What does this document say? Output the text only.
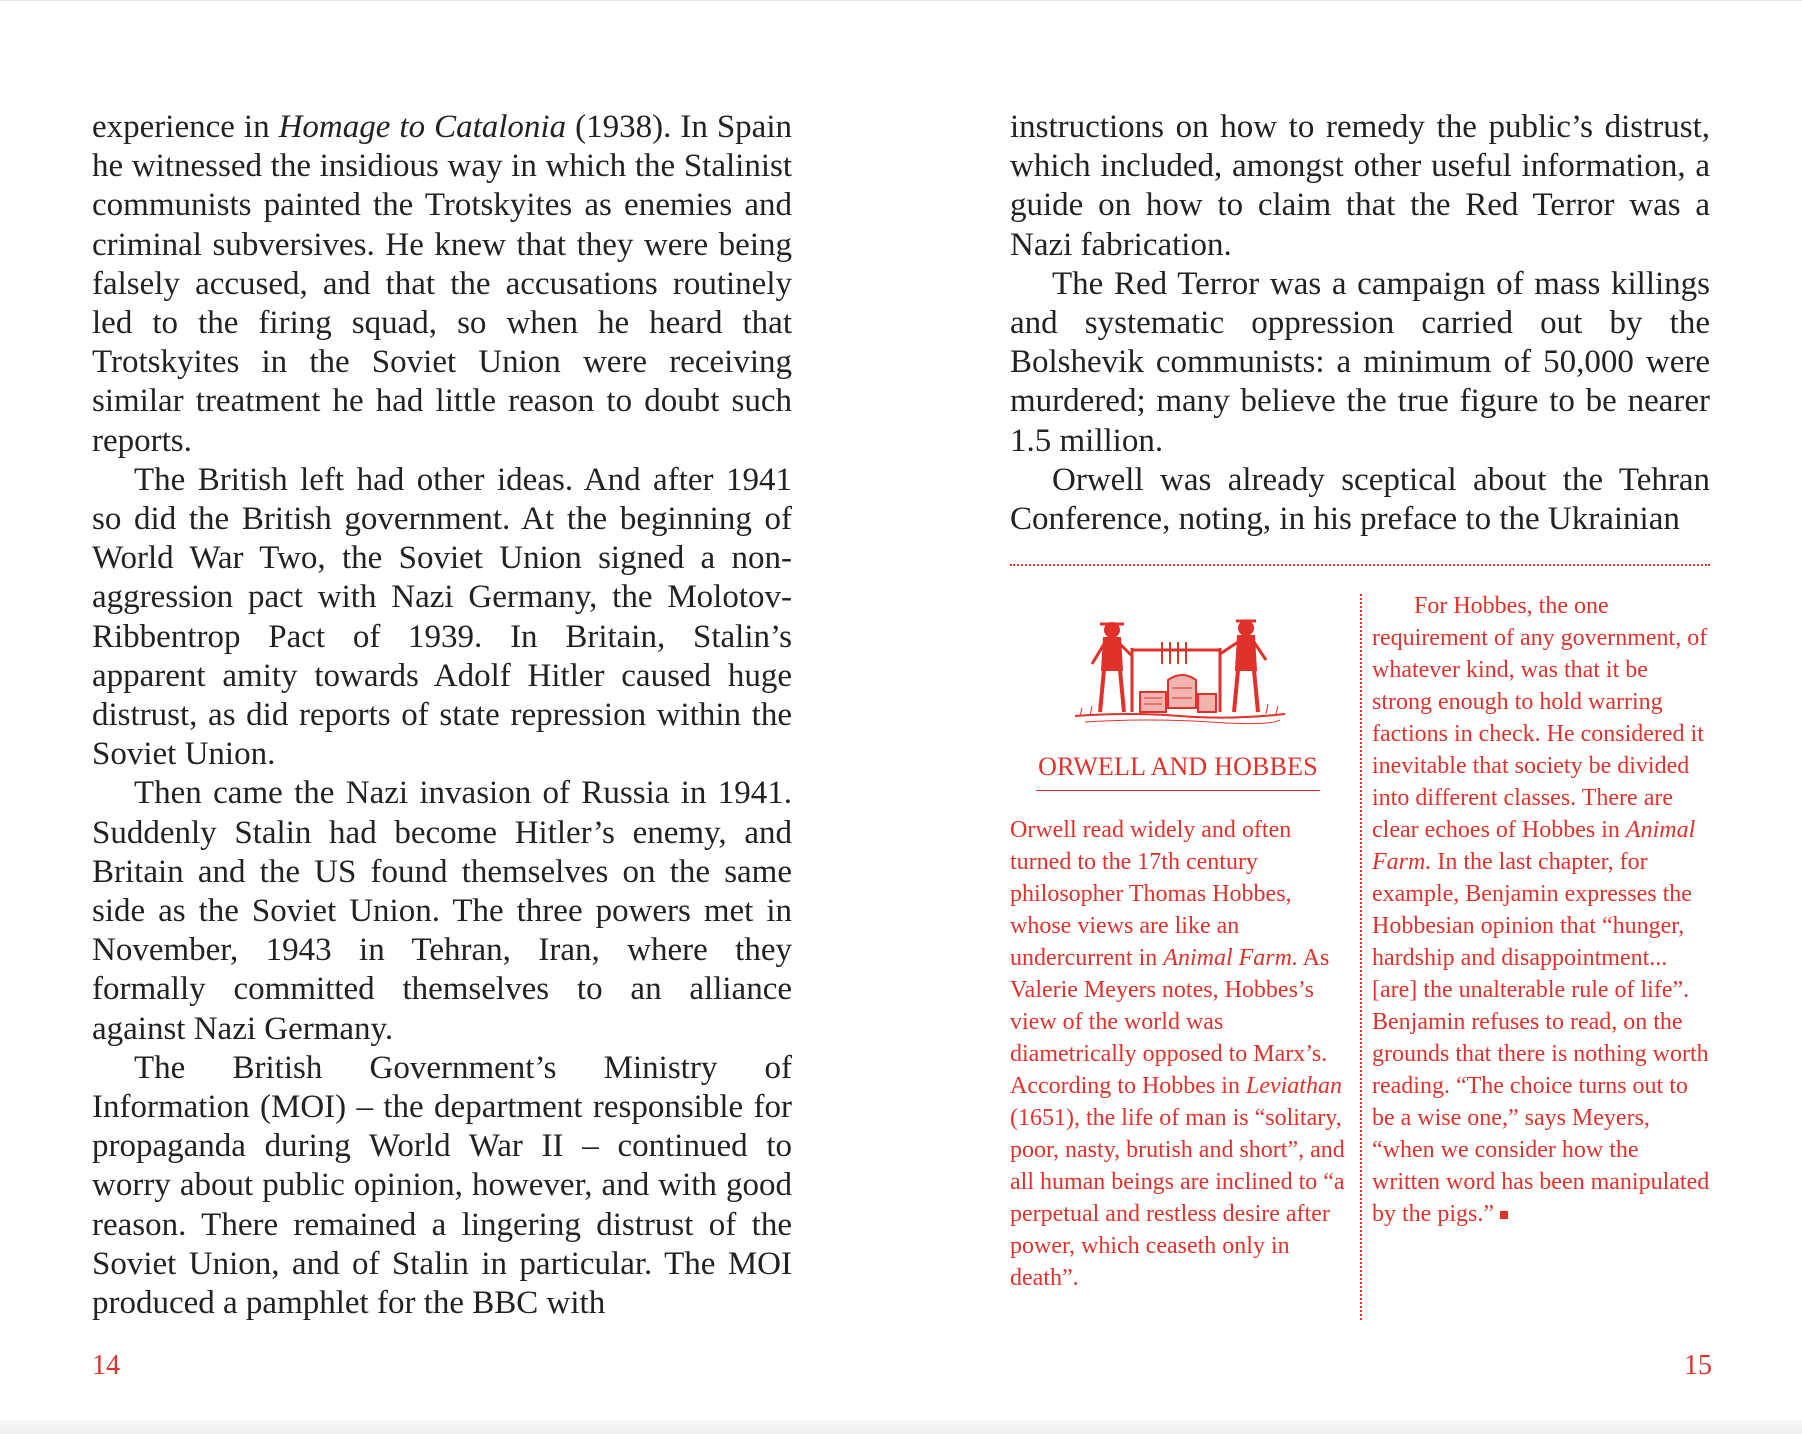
experience in Homage to Catalonia (1938). In Spain he witnessed the insidious way in which the Stalinist communists painted the Trotskyites as enemies and criminal subversives. He knew that they were being falsely accused, and that the accusations routinely led to the firing squad, so when he heard that Trotskyites in the Soviet Union were receiving similar treatment he had little reason to doubt such reports.

The British left had other ideas. And after 1941 so did the British government. At the beginning of World War Two, the Soviet Union signed a non-aggression pact with Nazi Germany, the Molotov-Ribbentrop Pact of 1939. In Britain, Stalin’s apparent amity towards Adolf Hitler caused huge distrust, as did reports of state repression within the Soviet Union.

Then came the Nazi invasion of Russia in 1941. Suddenly Stalin had become Hitler’s enemy, and Britain and the US found themselves on the same side as the Soviet Union. The three powers met in November, 1943 in Tehran, Iran, where they formally committed themselves to an alliance against Nazi Germany.

The British Government’s Ministry of Information (MOI) – the department responsible for propaganda during World War II – continued to worry about public opinion, however, and with good reason. There remained a lingering distrust of the Soviet Union, and of Stalin in particular. The MOI produced a pamphlet for the BBC with

14

instructions on how to remedy the public’s distrust, which included, amongst other useful information, a guide on how to claim that the Red Terror was a Nazi fabrication.

The Red Terror was a campaign of mass killings and systematic oppression carried out by the Bolshevik communists: a minimum of 50,000 were murdered; many believe the true figure to be nearer 1.5 million.

Orwell was already sceptical about the Tehran Conference, noting, in his preface to the Ukrainian

ORWELL AND HOBBES

Orwell read widely and often turned to the 17th century philosopher Thomas Hobbes, whose views are like an undercurrent in Animal Farm. As Valerie Meyers notes, Hobbes’s view of the world was diametrically opposed to Marx’s. According to Hobbes in Leviathan (1651), the life of man is “solitary, poor, nasty, brutish and short”, and all human beings are inclined to “a perpetual and restless desire after power, which ceaseth only in death”.

For Hobbes, the one requirement of any government, of whatever kind, was that it be strong enough to hold warring factions in check. He considered it inevitable that society be divided into different classes. There are clear echoes of Hobbes in Animal Farm. In the last chapter, for example, Benjamin expresses the Hobbesian opinion that “hunger, hardship and disappointment...[are] the unalterable rule of life”. Benjamin refuses to read, on the grounds that there is nothing worth reading. “The choice turns out to be a wise one,” says Meyers, “when we consider how the written word has been manipulated by the pigs.”

15
